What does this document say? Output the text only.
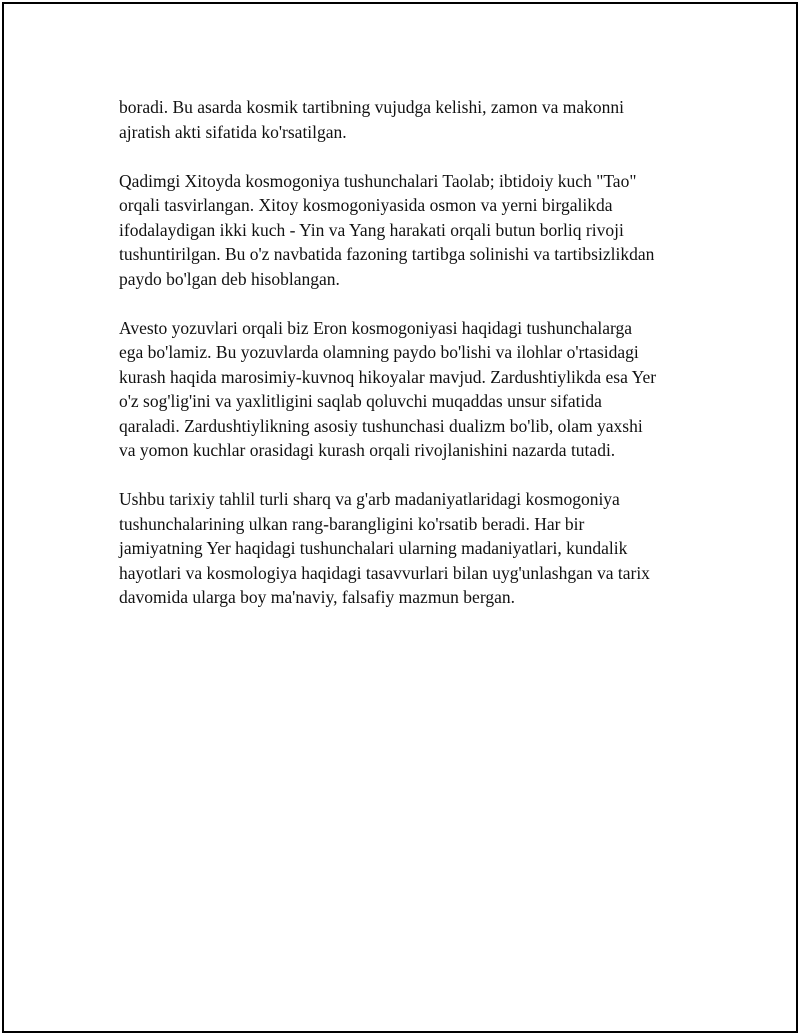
boradi. Bu asarda kosmik tartibning vujudga kelishi, zamon va makonni
ajratish akti sifatida ko'rsatilgan.

Qadimgi Xitoyda kosmogoniya tushunchalari Taolab; ibtidoiy kuch "Tao"
orqali tasvirlangan. Xitoy kosmogoniyasida osmon va yerni birgalikda
ifodalaydigan ikki kuch - Yin va Yang harakati orqali butun borliq rivoji
tushuntirilgan. Bu o'z navbatida fazoning tartibga solinishi va tartibsizlikdan
paydo bo'lgan deb hisoblangan.

Avesto yozuvlari orqali biz Eron kosmogoniyasi haqidagi tushunchalarga
ega bo'lamiz. Bu yozuvlarda olamning paydo bo'lishi va ilohlar o'rtasidagi
kurash haqida marosimiy-kuvnoq hikoyalar mavjud. Zardushtiylikda esa Yer
o'z sog'lig'ini va yaxlitligini saqlab qoluvchi muqaddas unsur sifatida
qaraladi. Zardushtiylikning asosiy tushunchasi dualizm bo'lib, olam yaxshi
va yomon kuchlar orasidagi kurash orqali rivojlanishini nazarda tutadi.

Ushbu tarixiy tahlil turli sharq va g'arb madaniyatlaridagi kosmogoniya
tushunchalarining ulkan rang-barangligini ko'rsatib beradi. Har bir
jamiyatning Yer haqidagi tushunchalari ularning madaniyatlari, kundalik
hayotlari va kosmologiya haqidagi tasavvurlari bilan uyg'unlashgan va tarix
davomida ularga boy ma'naviy, falsafiy mazmun bergan.
